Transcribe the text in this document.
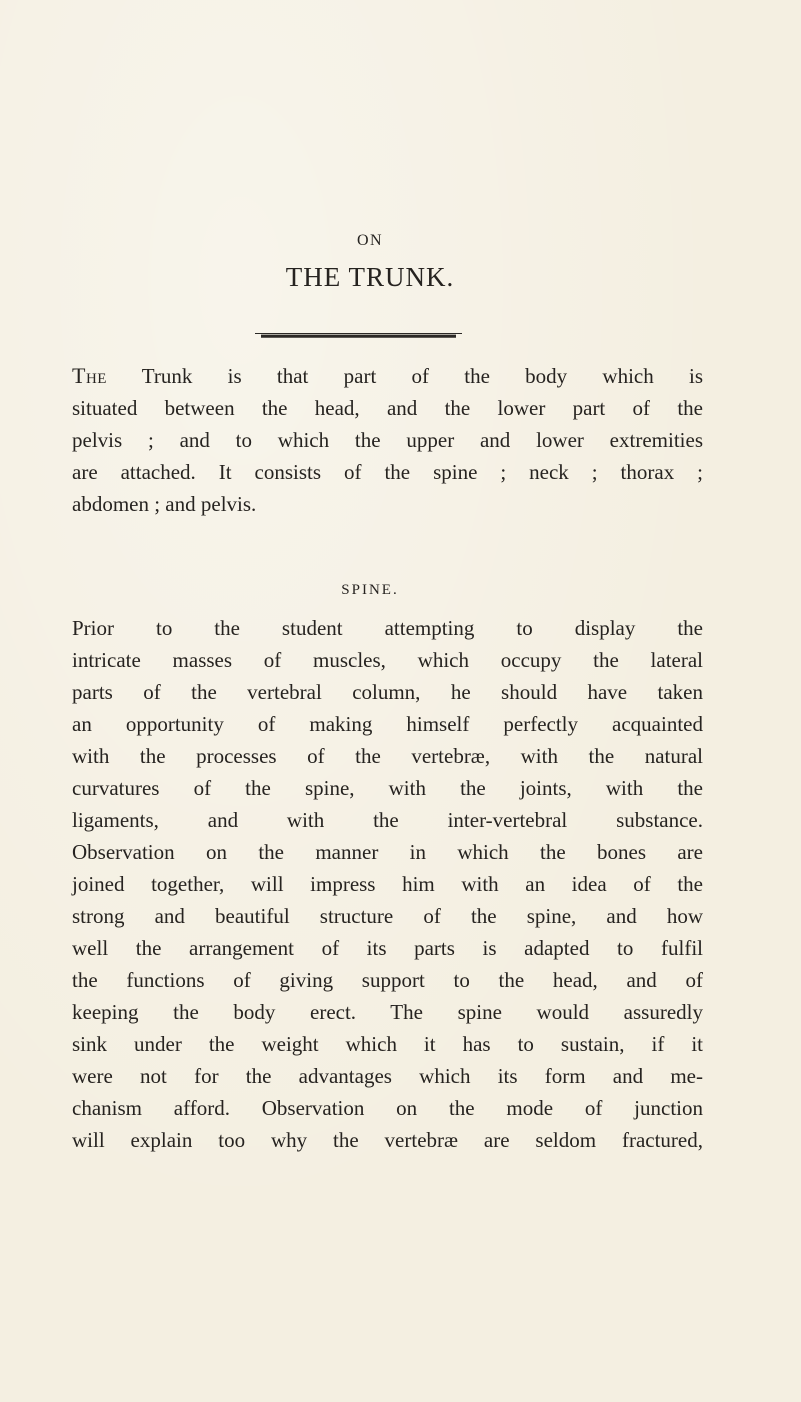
ON
THE TRUNK.
The Trunk is that part of the body which is
situated between the head, and the lower part of the
pelvis ; and to which the upper and lower extremities
are attached. It consists of the spine ; neck ; thorax ;
abdomen ; and pelvis.
SPINE.
Prior to the student attempting to display the
intricate masses of muscles, which occupy the lateral
parts of the vertebral column, he should have taken
an opportunity of making himself perfectly acquainted
with the processes of the vertebræ, with the natural
curvatures of the spine, with the joints, with the
ligaments, and with the inter-vertebral substance.
Observation on the manner in which the bones are
joined together, will impress him with an idea of the
strong and beautiful structure of the spine, and how
well the arrangement of its parts is adapted to fulfil
the functions of giving support to the head, and of
keeping the body erect. The spine would assuredly
sink under the weight which it has to sustain, if it
were not for the advantages which its form and me-
chanism afford. Observation on the mode of junction
will explain too why the vertebræ are seldom fractured,
